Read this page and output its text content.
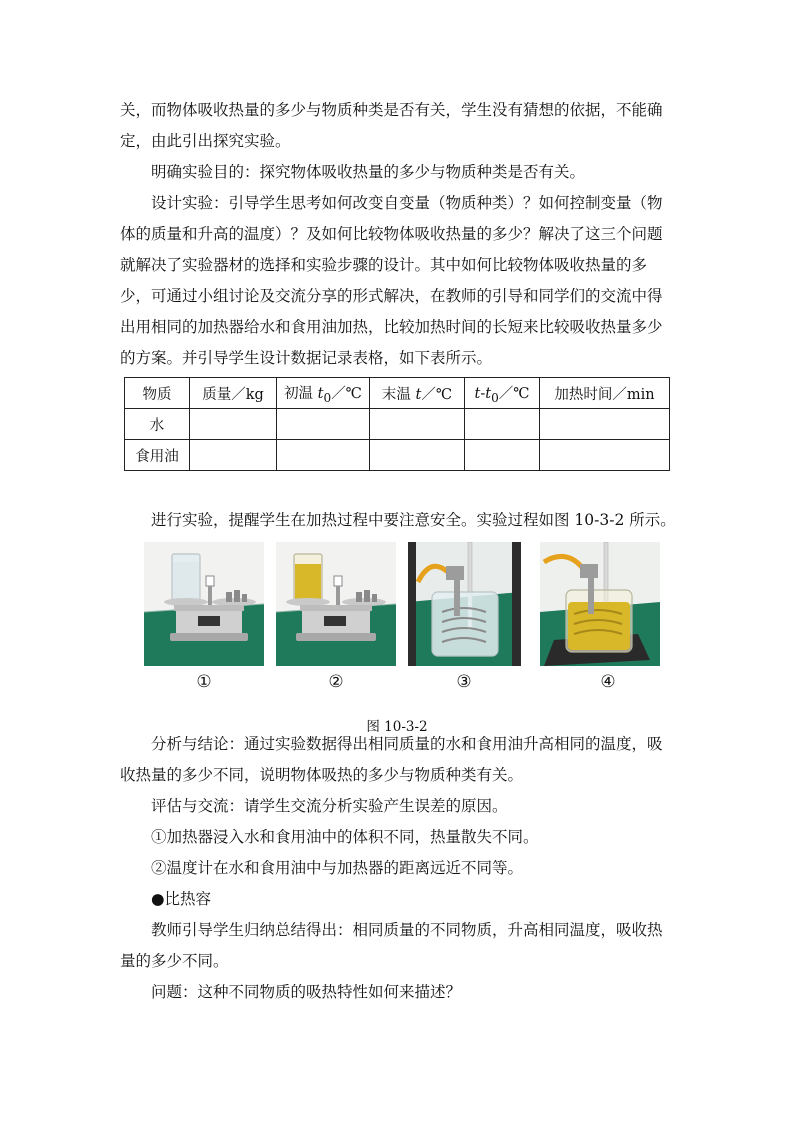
关，而物体吸收热量的多少与物质种类是否有关，学生没有猜想的依据，不能确定，由此引出探究实验。

明确实验目的：探究物体吸收热量的多少与物质种类是否有关。

设计实验：引导学生思考如何改变自变量（物质种类）？如何控制变量（物体的质量和升高的温度）？及如何比较物体吸收热量的多少？解决了这三个问题就解决了实验器材的选择和实验步骤的设计。其中如何比较物体吸收热量的多少，可通过小组讨论及交流分享的形式解决，在教师的引导和同学们的交流中得出用相同的加热器给水和食用油加热，比较加热时间的长短来比较吸收热量多少的方案。并引导学生设计数据记录表格，如下表所示。

物质	质量／kg	初温 $t_0/℃$	末温 t／℃	$t-t_0/℃$	加热时间／min
水					
食用油					

进行实验，提醒学生在加热过程中要注意安全。实验过程如图 10-3-2 所示。

①	②	③	④
图 10-3-2

分析与结论：通过实验数据得出相同质量的水和食用油升高相同的温度，吸收热量的多少不同，说明物体吸热的多少与物质种类有关。

评估与交流：请学生交流分析实验产生误差的原因。

①加热器浸入水和食用油中的体积不同，热量散失不同。

②温度计在水和食用油中与加热器的距离远近不同等。

●比热容

教师引导学生归纳总结得出：相同质量的不同物质，升高相同温度，吸收热量的多少不同。

问题：这种不同物质的吸热特性如何来描述？
